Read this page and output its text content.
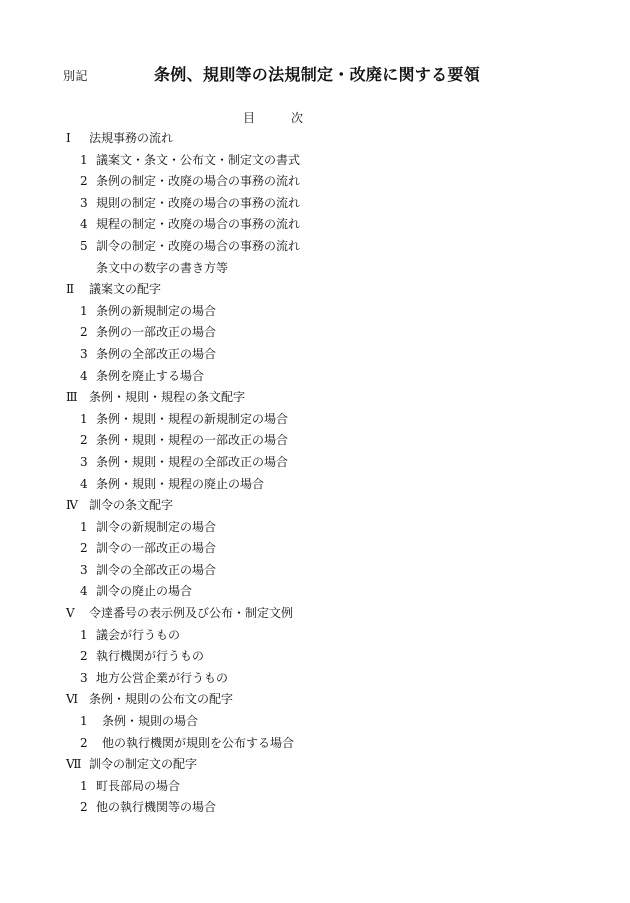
別記	条例、規則等の法規制定・改廃に関する要領
目	次
Ⅰ 法規事務の流れ
1 議案文・条文・公布文・制定文の書式
2 条例の制定・改廃の場合の事務の流れ
3 規則の制定・改廃の場合の事務の流れ
4 規程の制定・改廃の場合の事務の流れ
5 訓令の制定・改廃の場合の事務の流れ
条文中の数字の書き方等
Ⅱ 議案文の配字
1 条例の新規制定の場合
2 条例の一部改正の場合
3 条例の全部改正の場合
4 条例を廃止する場合
Ⅲ 条例・規則・規程の条文配字
1 条例・規則・規程の新規制定の場合
2 条例・規則・規程の一部改正の場合
3 条例・規則・規程の全部改正の場合
4 条例・規則・規程の廃止の場合
Ⅳ 訓令の条文配字
1 訓令の新規制定の場合
2 訓令の一部改正の場合
3 訓令の全部改正の場合
4 訓令の廃止の場合
Ⅴ 令達番号の表示例及び公布・制定文例
1 議会が行うもの
2 執行機関が行うもの
3 地方公営企業が行うもの
Ⅵ 条例・規則の公布文の配字
1 条例・規則の場合
2 他の執行機関が規則を公布する場合
Ⅶ 訓令の制定文の配字
1 町長部局の場合
2 他の執行機関等の場合
